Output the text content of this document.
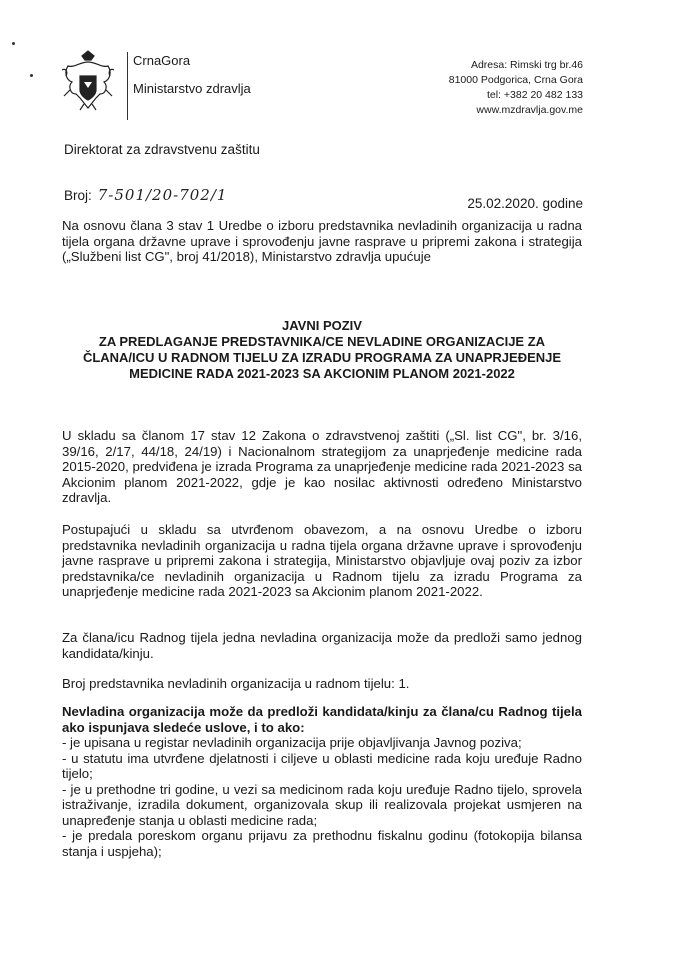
CrnaGora
Ministarstvo zdravlja
Adresa: Rimski trg br.46
81000 Podgorica, Crna Gora
tel: +382 20 482 133
www.mzdravlja.gov.me
Direktorat za zdravstvenu zaštitu
Broj: 7-501/20-702/1	25.02.2020. godine

Na osnovu člana 3 stav 1 Uredbe o izboru predstavnika nevladinih organizacija u radna tijela organa državne uprave i sprovođenju javne rasprave u pripremi zakona i strategija („Službeni list CG", broj 41/2018), Ministarstvo zdravlja upućuje

JAVNI POZIV
ZA PREDLAGANJE PREDSTAVNIKA/CE NEVLADINE ORGANIZACIJE ZA
ČLANA/ICU U RADNOM TIJELU ZA IZRADU PROGRAMA ZA UNAPRJEĐENJE
MEDICINE RADA 2021-2023 SA AKCIONIM PLANOM 2021-2022

U skladu sa članom 17 stav 12 Zakona o zdravstvenoj zaštiti („Sl. list CG", br. 3/16, 39/16, 2/17, 44/18, 24/19) i Nacionalnom strategijom za unaprjeđenje medicine rada 2015-2020, predviđena je izrada Programa za unaprjeđenje medicine rada 2021-2023 sa Akcionim planom 2021-2022, gdje je kao nosilac aktivnosti određeno Ministarstvo zdravlja.

Postupajući u skladu sa utvrđenom obavezom, a na osnovu Uredbe o izboru predstavnika nevladinih organizacija u radna tijela organa državne uprave i sprovođenju javne rasprave u pripremi zakona i strategija, Ministarstvo objavljuje ovaj poziv za izbor predstavnika/ce nevladinih organizacija u Radnom tijelu za izradu Programa za unaprjeđenje medicine rada 2021-2023 sa Akcionim planom 2021-2022.

Za člana/icu Radnog tijela jedna nevladina organizacija može da predloži samo jednog kandidata/kinju.

Broj predstavnika nevladinih organizacija u radnom tijelu: 1.

Nevladina organizacija može da predloži kandidata/kinju za člana/cu Radnog tijela ako ispunjava sledeće uslove, i to ako:
- je upisana u registar nevladinih organizacija prije objavljivanja Javnog poziva;
- u statutu ima utvrđene djelatnosti i ciljeve u oblasti medicine rada koju uređuje Radno tijelo;
- je u prethodne tri godine, u vezi sa medicinom rada koju uređuje Radno tijelo, sprovela istraživanje, izradila dokument, organizovala skup ili realizovala projekat usmjeren na unapređenje stanja u oblasti medicine rada;
- je predala poreskom organu prijavu za prethodnu fiskalnu godinu (fotokopija bilansa stanja i uspjeha);
